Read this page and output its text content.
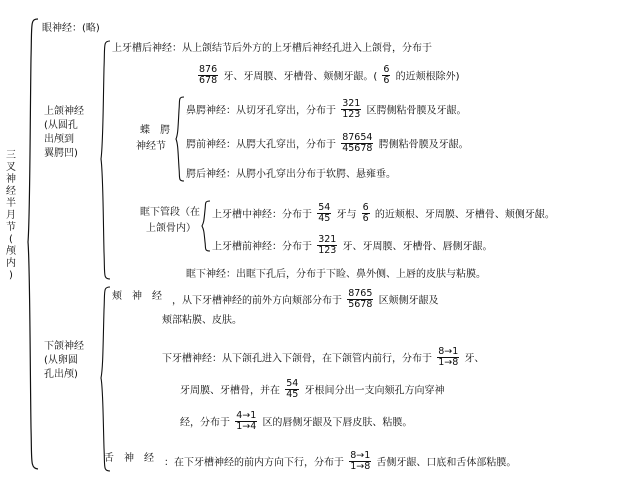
三
叉
神
经
半
月
节
(
颅
内
)
眼神经：(略)
上颌神经
(从圆孔
出颅到
翼腭凹)
上牙槽后神经：从上颌结节后外方的上牙槽后神经孔进入上颌骨，分布于
$\frac{876}{678}$ 牙、牙周膜、牙槽骨、颊侧牙龈。( $\frac{6}{6}$ 的近颊根除外)
蝶　腭
神经节
鼻腭神经：从切牙孔穿出，分布于 $\frac{321}{123}$ 区腭侧粘骨膜及牙龈。
腭前神经：从腭大孔穿出，分布于 $\frac{87654}{45678}$ 腭侧粘骨膜及牙龈。
腭后神经：从腭小孔穿出分布于软腭、悬雍垂。
眶下管段（在
上颌骨内）
上牙槽中神经：分布于 $\frac{54}{45}$ 牙与 $\frac{6}{6}$ 的近颊根、牙周膜、牙槽骨、颊侧牙龈。
上牙槽前神经：分布于 $\frac{321}{123}$ 牙、牙周膜、牙槽骨、唇侧牙龈。
眶下神经：出眶下孔后，分布于下睑、鼻外侧、上唇的皮肤与粘膜。
下颌神经
(从卵圆
孔出颅)
颊　神　经 ，从下牙槽神经的前外方向颊部分布于 $\frac{8765}{5678}$ 区颊侧牙龈及
颊部粘膜、皮肤。
下牙槽神经：从下颌孔进入下颌骨，在下颌管内前行，分布于 $\frac{8\to 1}{1\to 8}$ 牙、
牙周膜、牙槽骨，并在 $\frac{54}{45}$ 牙根间分出一支向颏孔方向穿神
经，分布于 $\frac{4\to 1}{1\to 4}$ 区的唇侧牙龈及下唇皮肤、粘膜。
舌　神　经 ：在下牙槽神经的前内方向下行，分布于 $\frac{8\to 1}{1\to 8}$ 舌侧牙龈、口底和舌体部粘膜。
